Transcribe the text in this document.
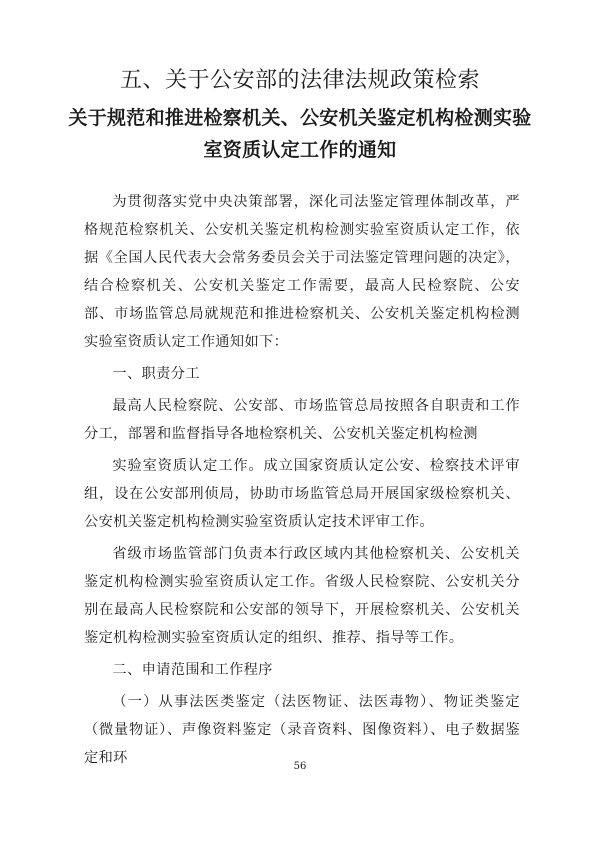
五、关于公安部的法律法规政策检索
关于规范和推进检察机关、公安机关鉴定机构检测实验
室资质认定工作的通知

为贯彻落实党中央决策部署，深化司法鉴定管理体制改革，严格规范检察机关、公安机关鉴定机构检测实验室资质认定工作，依据《全国人民代表大会常务委员会关于司法鉴定管理问题的决定》，结合检察机关、公安机关鉴定工作需要，最高人民检察院、公安部、市场监管总局就规范和推进检察机关、公安机关鉴定机构检测实验室资质认定工作通知如下：

一、职责分工

最高人民检察院、公安部、市场监管总局按照各自职责和工作分工，部署和监督指导各地检察机关、公安机关鉴定机构检测

实验室资质认定工作。成立国家资质认定公安、检察技术评审组，设在公安部刑侦局，协助市场监管总局开展国家级检察机关、公安机关鉴定机构检测实验室资质认定技术评审工作。

省级市场监管部门负责本行政区域内其他检察机关、公安机关鉴定机构检测实验室资质认定工作。省级人民检察院、公安机关分别在最高人民检察院和公安部的领导下，开展检察机关、公安机关鉴定机构检测实验室资质认定的组织、推荐、指导等工作。

二、申请范围和工作程序

（一）从事法医类鉴定（法医物证、法医毒物）、物证类鉴定（微量物证）、声像资料鉴定（录音资料、图像资料）、电子数据鉴定和环

56
